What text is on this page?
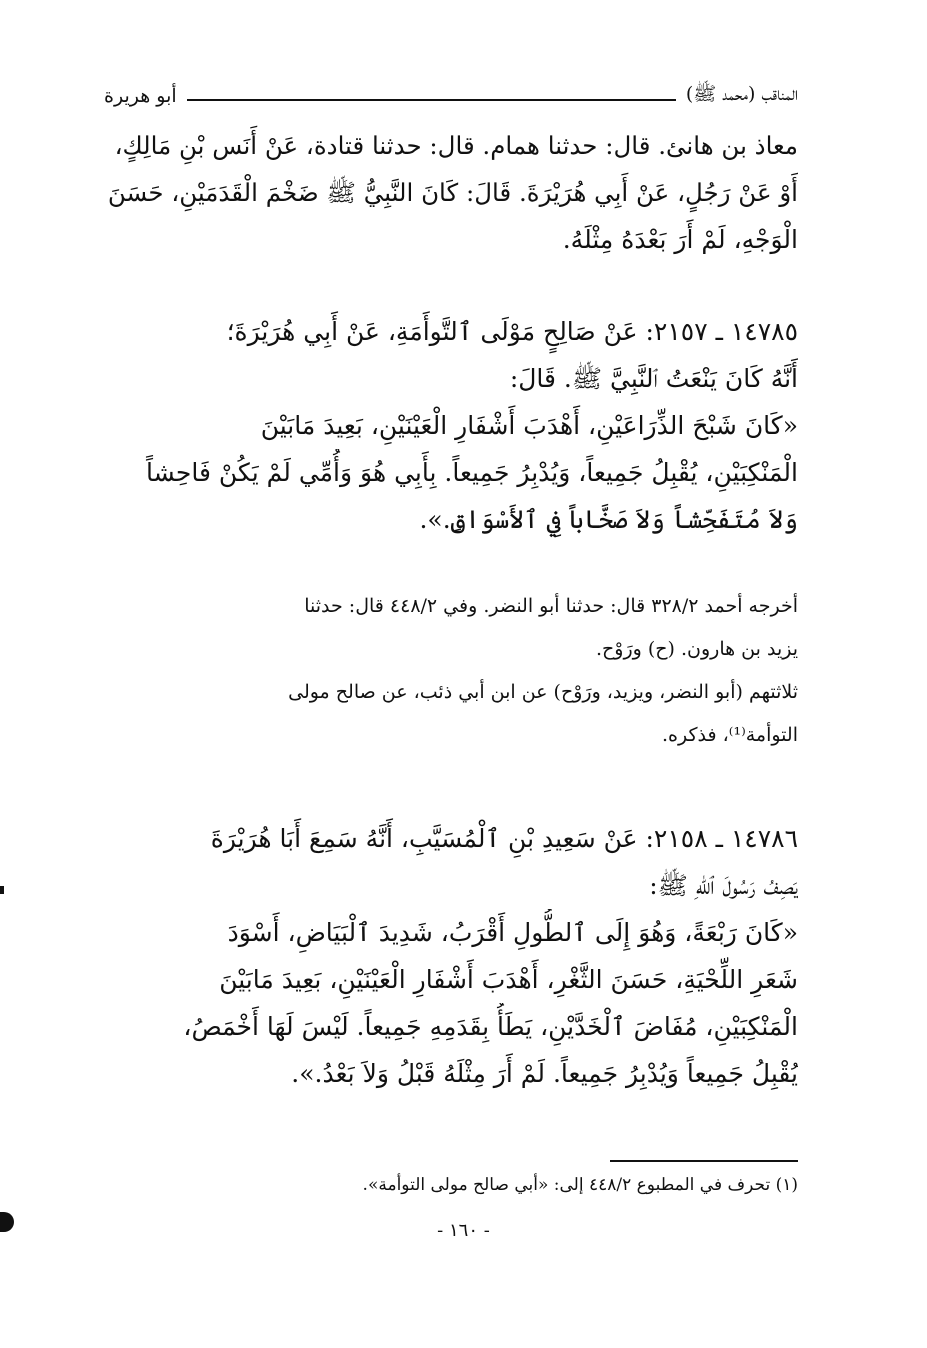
المناقب (محمد ﷺ)
أبو هريرة
معاذ بن هانئ. قال: حدثنا همام. قال: حدثنا قتادة، عَنْ أَنَس بْنِ مَالِكٍ،
أَوْ عَنْ رَجُلٍ، عَنْ أَبِي هُرَيْرَةَ. قَالَ: كَانَ النَّبِيُّ ﷺ ضَخْمَ الْقَدَمَيْنِ، حَسَنَ
الْوَجْهِ، لَمْ أَرَ بَعْدَهُ مِثْلَهُ.
١٤٧٨٥ ـ ٢١٥٧: عَنْ صَالِحٍ مَوْلَى ٱلتَّوأَمَةِ، عَنْ أَبِي هُرَيْرَةَ؛
أَنَّهُ كَانَ يَنْعَتُ ٱلنَّبِيَّ ﷺ. قَالَ:
«كَانَ شَبْحَ الذِّرَاعَيْنِ، أَهْدَبَ أَشْفَارِ الْعَيْنَيْنِ، بَعِيدَ مَابَيْنَ
الْمَنْكِبَيْنِ، يُقْبِلُ جَمِيعاً، وَيُدْبِرُ جَمِيعاً. بِأَبِي هُوَ وَأُمِّي لَمْ يَكُنْ فَاحِشاً
وَلاَ مُتَفَحِّشاً وَلاَ صَخَّاباً فِي ٱلأَسْوَاقِ.».
أخرجه أحمد ٣٢٨/٢ قال: حدثنا أبو النضر. وفي ٤٤٨/٢ قال: حدثنا
يزيد بن هارون. (ح) ورَوْح.
ثلاثتهم (أبو النضر، ويزيد، ورَوْح) عن ابن أبي ذئب، عن صالح مولى
التوأمة⁽¹⁾، فذكره.
١٤٧٨٦ ـ ٢١٥٨: عَنْ سَعِيدِ بْنِ ٱلْمُسَيَّبِ، أَنَّهُ سَمِعَ أَبَا هُرَيْرَةَ
يَصِفُ رَسُولَ ٱللهِ ﷺ:
«كَانَ رَبْعَةً، وَهُوَ إِلَى ٱلطُّولِ أَقْرَبُ، شَدِيدَ ٱلْبَيَاضِ، أَسْوَدَ
شَعَرِ اللِّحْيَةِ، حَسَنَ الثَّغْرِ، أَهْدَبَ أَشْفَارِ الْعَيْنَيْنِ، بَعِيدَ مَابَيْنَ
الْمَنْكِبَيْنِ، مُفَاضَ ٱلْخَدَّيْنِ، يَطَأُ بِقَدَمِهِ جَمِيعاً. لَيْسَ لَهَا أَخْمَصُ،
يُقْبِلُ جَمِيعاً وَيُدْبِرُ جَمِيعاً. لَمْ أَرَ مِثْلَهُ قَبْلُ وَلاَ بَعْدُ.».
(١) تحرف في المطبوع ٤٤٨/٢ إلى: «أبي صالح مولى التوأمة».
- ١٦٠ -
